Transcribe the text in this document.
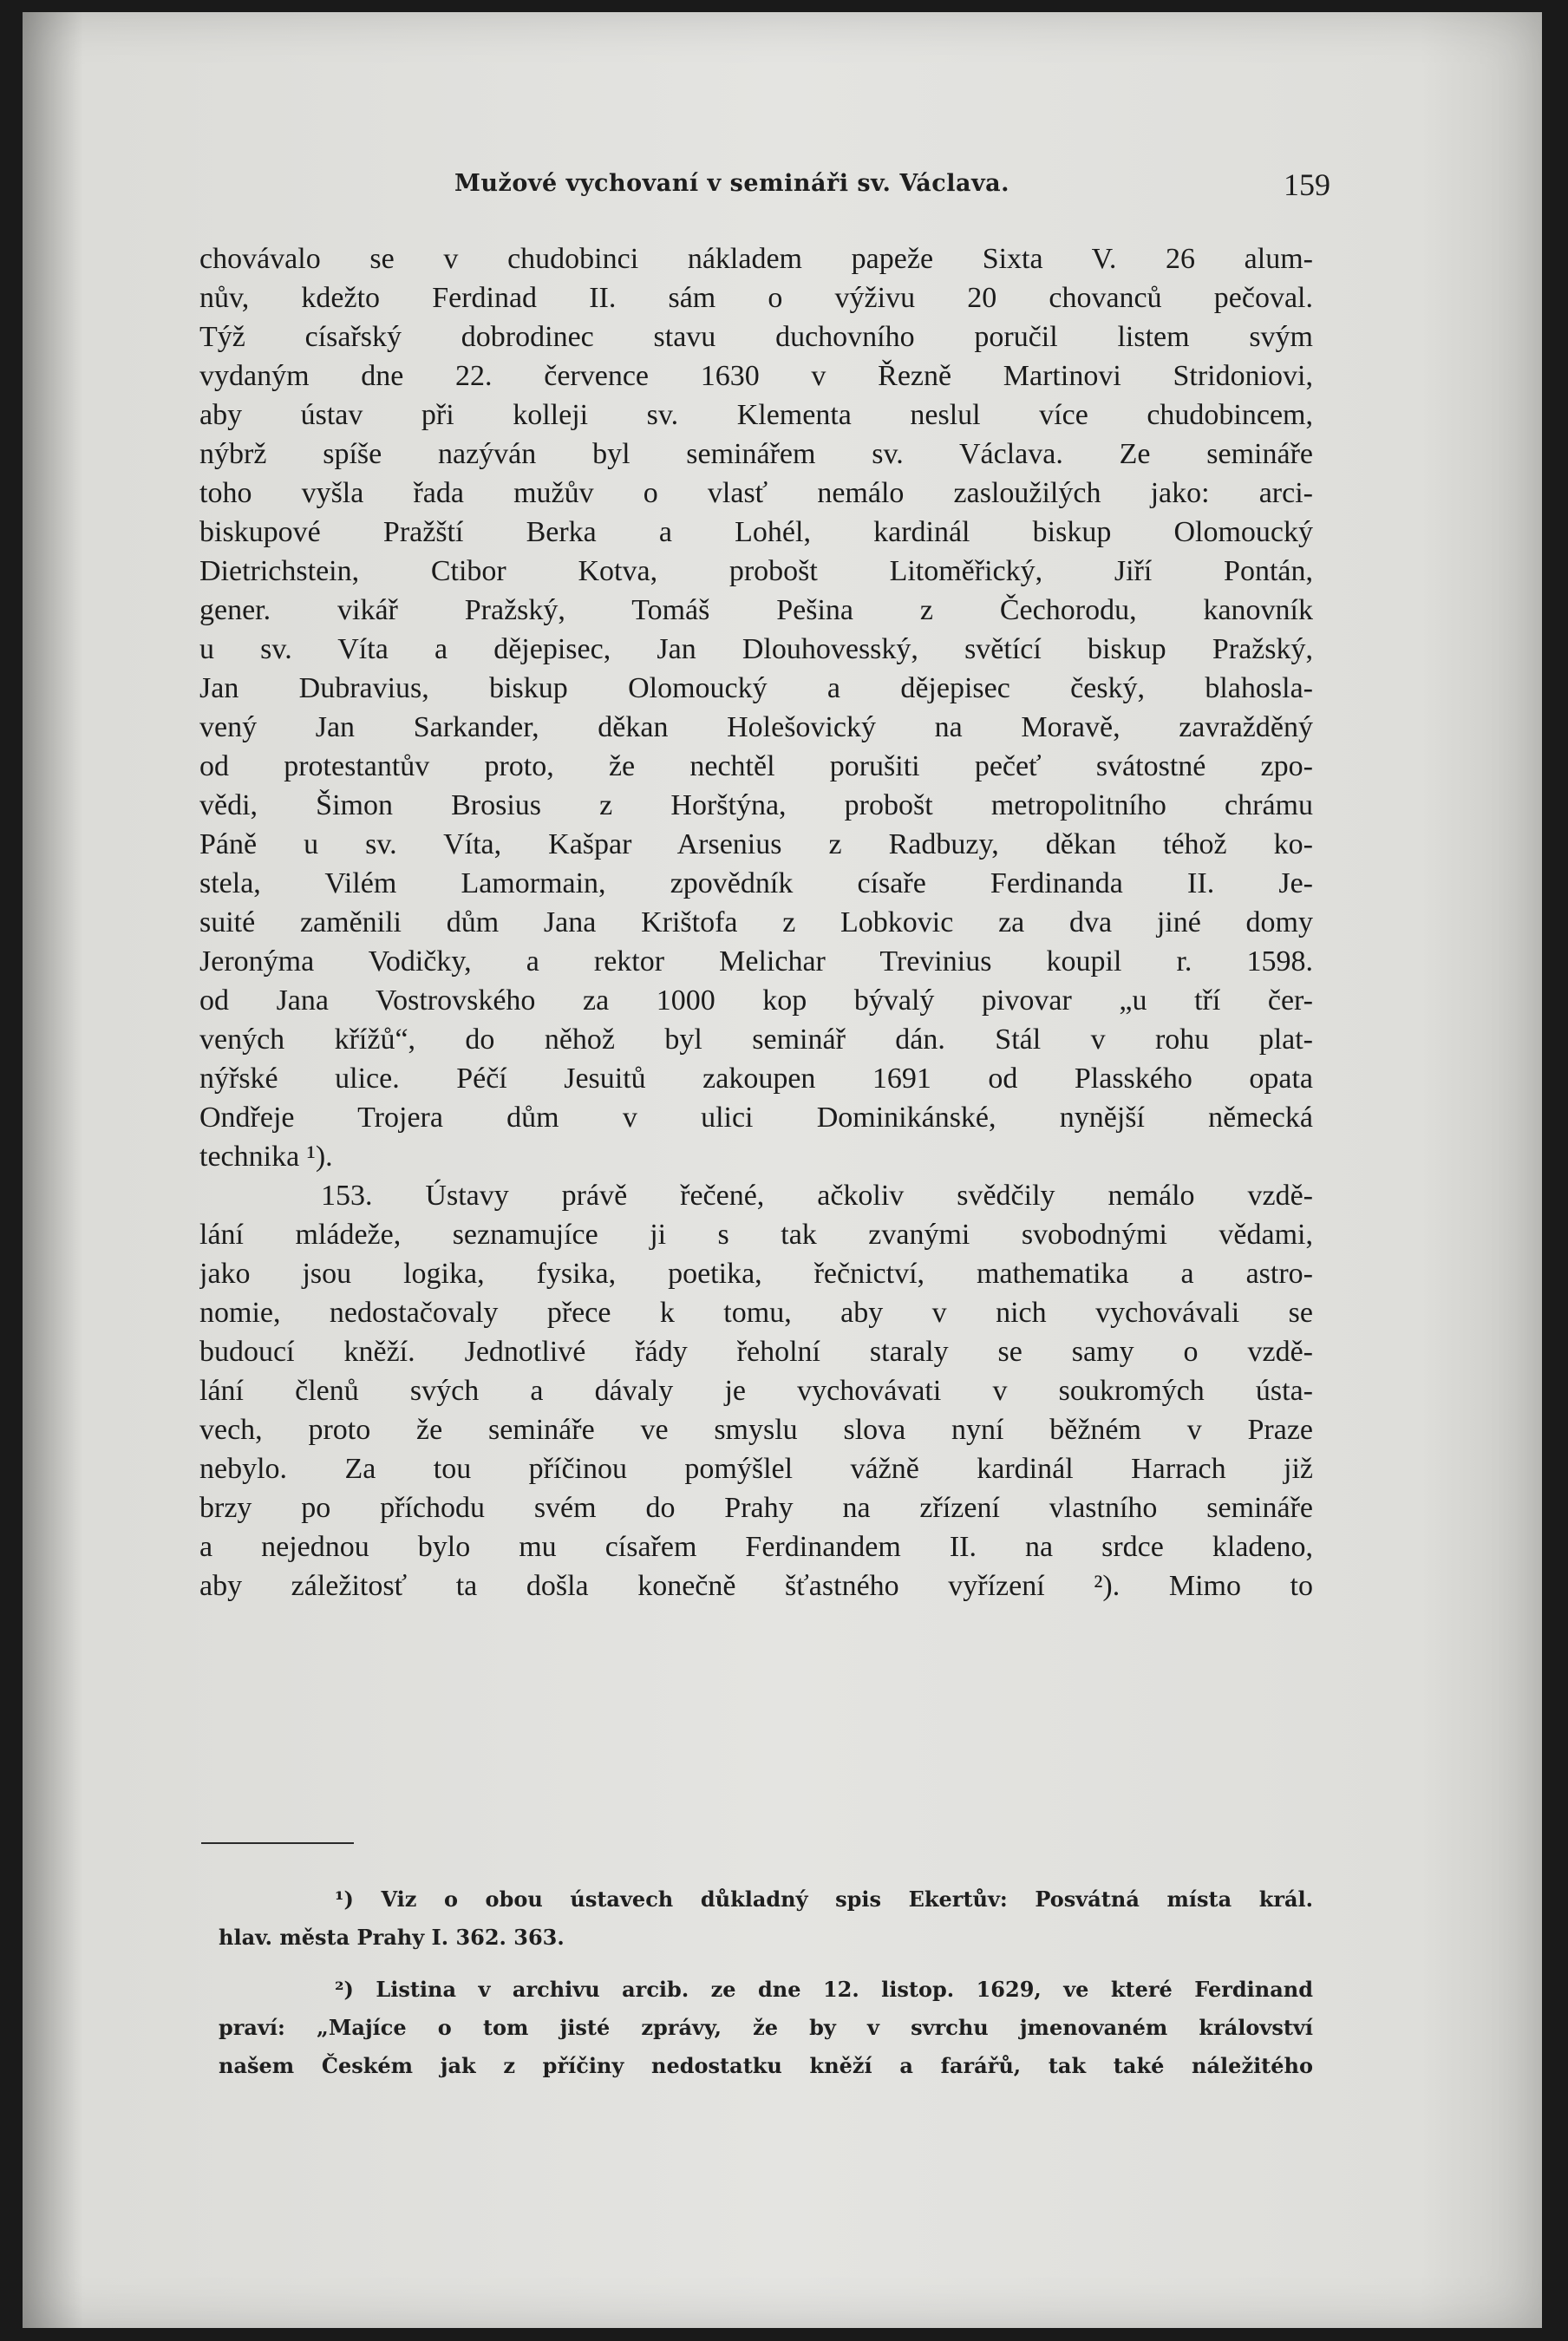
Mužové vychovaní v semináři sv. Václava.	159
chovávalo se v chudobinci nákladem papeže Sixta V. 26 alum-
nův, kdežto Ferdinad II. sám o výživu 20 chovanců pečoval.
Týž císařský dobrodinec stavu duchovního poručil listem svým
vydaným dne 22. července 1630 v Řezně Martinovi Stridoniovi,
aby ústav při kolleji sv. Klementa neslul více chudobincem,
nýbrž spíše nazýván byl seminářem sv. Václava. Ze semináře
toho vyšla řada mužův o vlasť nemálo zasloužilých jako: arci-
biskupové Pražští Berka a Lohél, kardinál biskup Olomoucký
Dietrichstein, Ctibor Kotva, probošt Litoměřický, Jiří Pontán,
gener. vikář Pražský, Tomáš Pešina z Čechorodu, kanovník
u sv. Víta a dějepisec, Jan Dlouhovesský, světící biskup Pražský,
Jan Dubravius, biskup Olomoucký a dějepisec český, blahosla-
vený Jan Sarkander, děkan Holešovický na Moravě, zavražděný
od protestantův proto, že nechtěl porušiti pečeť svátostné zpo-
vědi, Šimon Brosius z Horštýna, probošt metropolitního chrámu
Páně u sv. Víta, Kašpar Arsenius z Radbuzy, děkan téhož ko-
stela, Vilém Lamormain, zpovědník císaře Ferdinanda II. Je-
suité zaměnili dům Jana Krištofa z Lobkovic za dva jiné domy
Jeronýma Vodičky, a rektor Melichar Trevinius koupil r. 1598.
od Jana Vostrovského za 1000 kop bývalý pivovar „u tří čer-
vených křížů“, do něhož byl seminář dán. Stál v rohu plat-
nýřské ulice. Péčí Jesuitů zakoupen 1691 od Plasského opata
Ondřeje Trojera dům v ulici Dominikánské, nynější německá
technika ¹).
153. Ústavy právě řečené, ačkoliv svědčily nemálo vzdě-
lání mládeže, seznamujíce ji s tak zvanými svobodnými vědami,
jako jsou logika, fysika, poetika, řečnictví, mathematika a astro-
nomie, nedostačovaly přece k tomu, aby v nich vychovávali se
budoucí kněží. Jednotlivé řády řeholní staraly se samy o vzdě-
lání členů svých a dávaly je vychovávati v soukromých ústa-
vech, proto že semináře ve smyslu slova nyní běžném v Praze
nebylo. Za tou příčinou pomýšlel vážně kardinál Harrach již
brzy po příchodu svém do Prahy na zřízení vlastního semináře
a nejednou bylo mu císařem Ferdinandem II. na srdce kladeno,
aby záležitosť ta došla konečně šťastného vyřízení ²). Mimo to
¹) Viz o obou ústavech důkladný spis Ekertův: Posvátná místa král.
hlav. města Prahy I. 362. 363.
²) Listina v archivu arcib. ze dne 12. listop. 1629, ve které Ferdinand
praví: „Majíce o tom jisté zprávy, že by v svrchu jmenovaném království
našem Českém jak z příčiny nedostatku kněží a farářů, tak také náležitého
